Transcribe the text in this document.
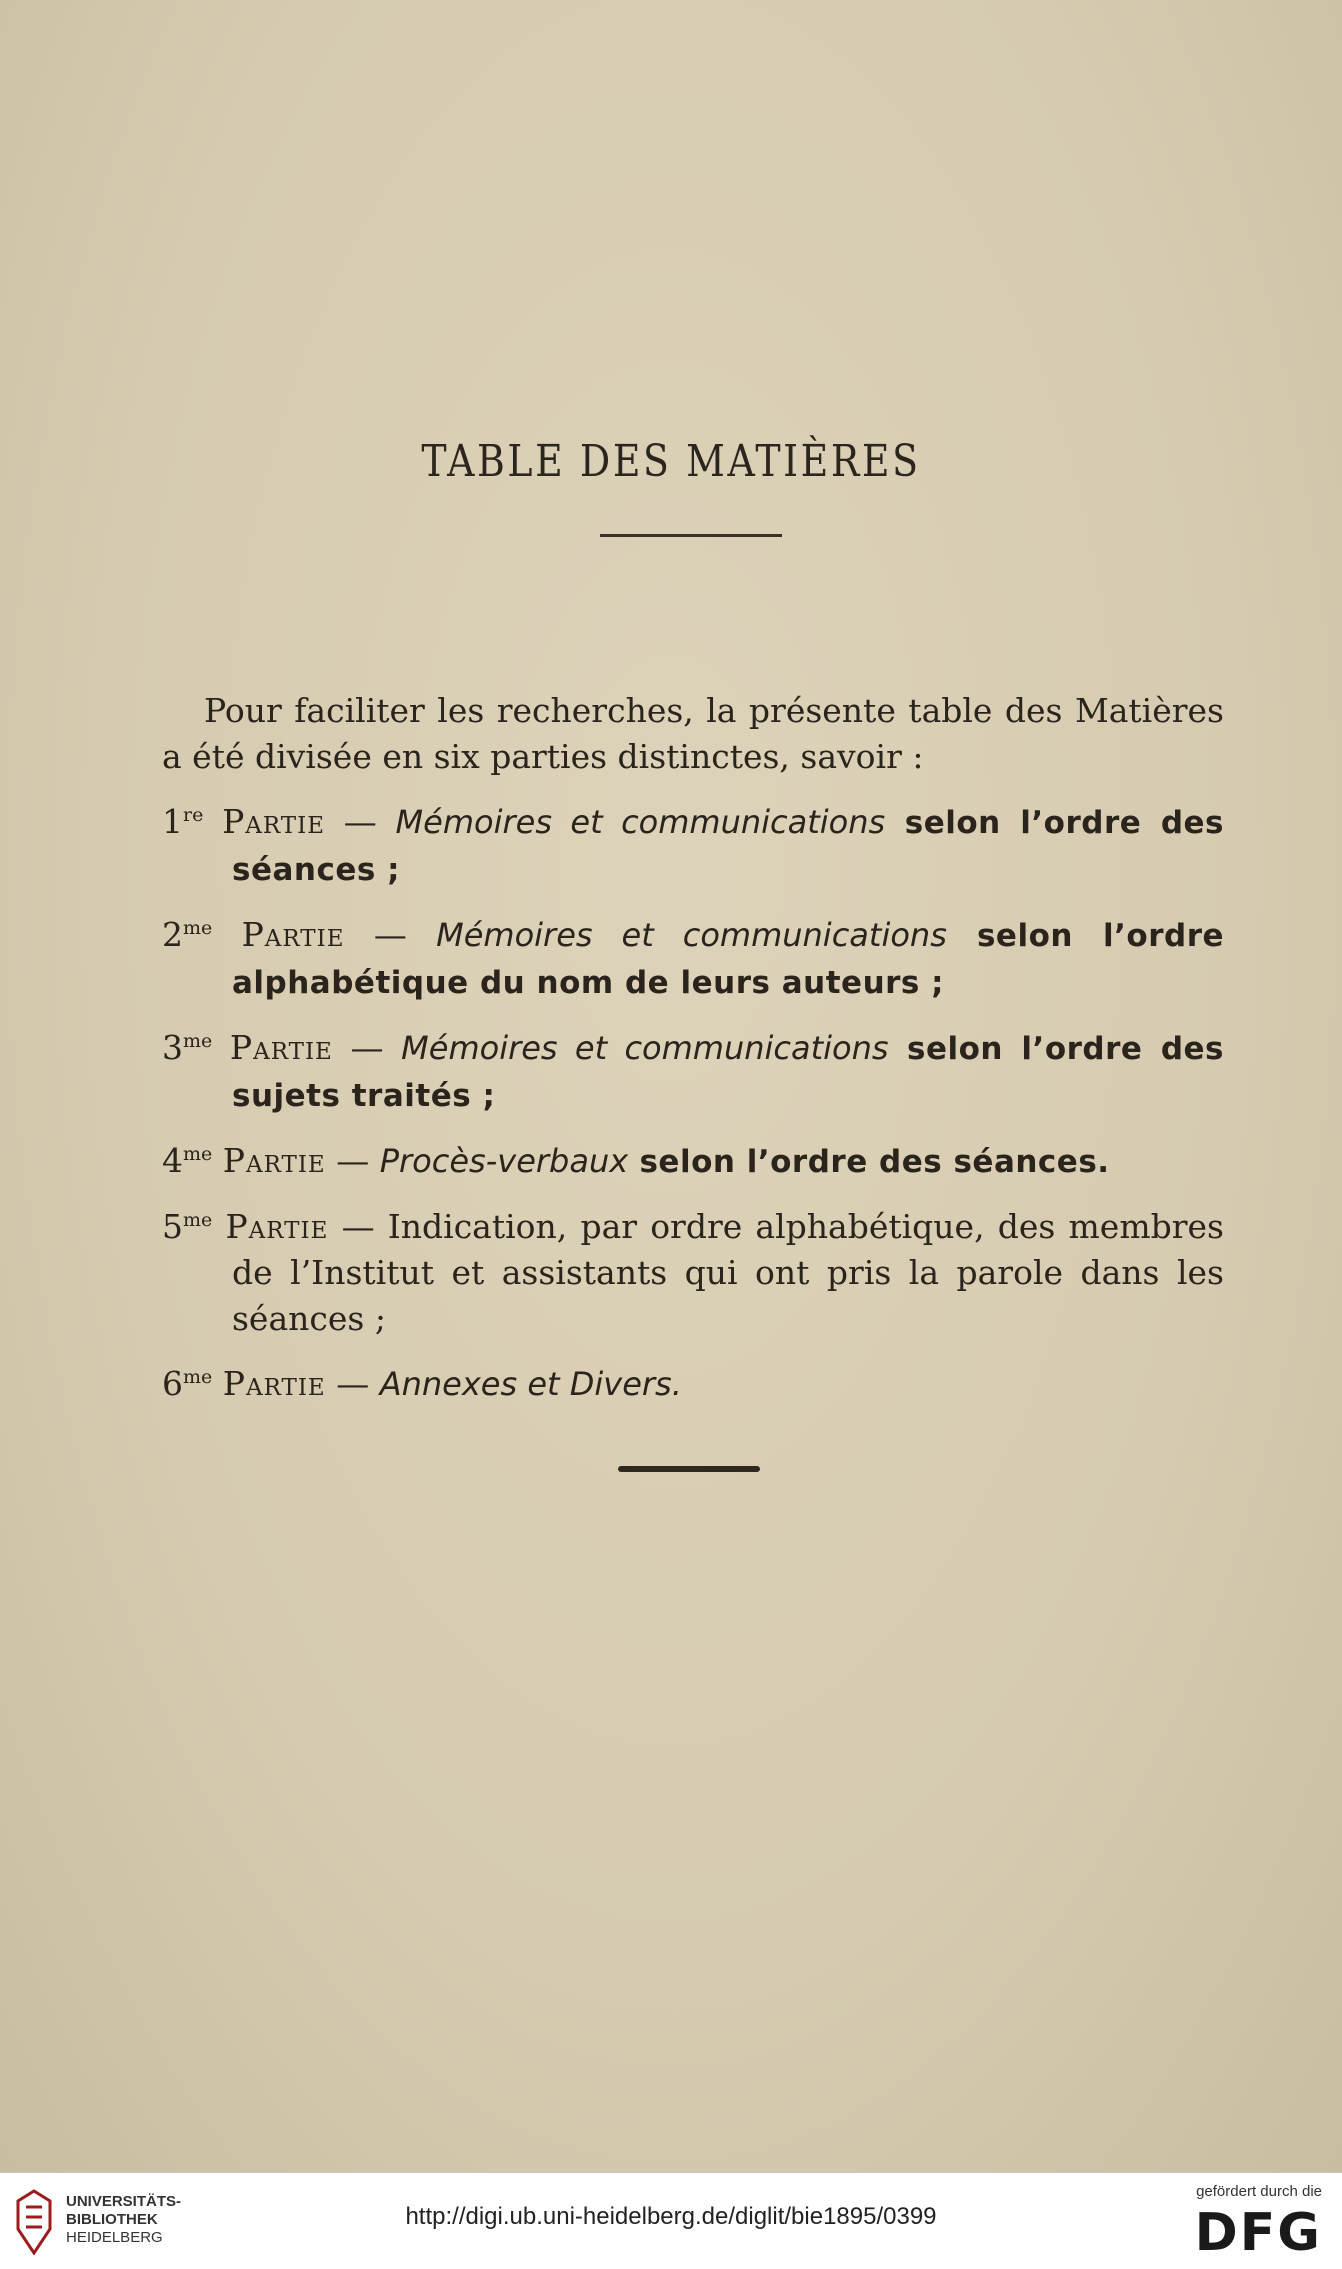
TABLE DES MATIÈRES

Pour faciliter les recherches, la présente table des Matières a été divisée en six parties distinctes, savoir :

1re Partie — Mémoires et communications selon l’ordre des séances ;

$2^{me}$ Partie — Mémoires et communications selon l’ordre alphabétique du nom de leurs auteurs ;

$3^{me}$ Partie — Mémoires et communications selon l’ordre des sujets traités ;

$4^{me}$ Partie — Procès-verbaux selon l’ordre des séances.

$5^{me}$ Partie — Indication, par ordre alphabétique, des membres de l’Institut et assistants qui ont pris la parole dans les séances ;

$6^{me}$ Partie — Annexes et Divers.

UNIVERSITÄTS-
BIBLIOTHEK
HEIDELBERG
http://digi.ub.uni-heidelberg.de/diglit/bie1895/0399
gefördert durch die
DFG
